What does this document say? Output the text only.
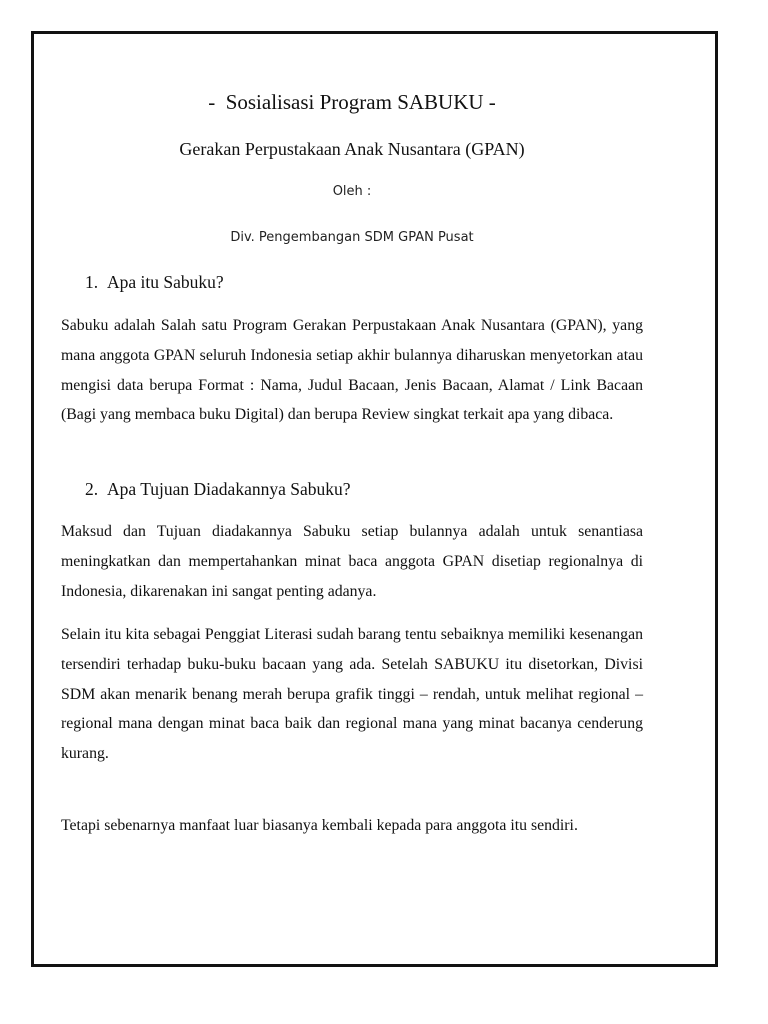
-  Sosialisasi Program SABUKU -
Gerakan Perpustakaan Anak Nusantara (GPAN)
Oleh :
Div. Pengembangan SDM GPAN Pusat
1. Apa itu Sabuku?

Sabuku adalah Salah satu Program Gerakan Perpustakaan Anak Nusantara (GPAN), yang mana anggota GPAN seluruh Indonesia setiap akhir bulannya diharuskan menyetorkan atau mengisi data berupa Format : Nama, Judul Bacaan, Jenis Bacaan, Alamat / Link Bacaan (Bagi yang membaca buku Digital) dan berupa Review singkat terkait apa yang dibaca.

2. Apa Tujuan Diadakannya Sabuku?

Maksud dan Tujuan diadakannya Sabuku setiap bulannya adalah untuk senantiasa meningkatkan dan mempertahankan minat baca anggota GPAN disetiap regionalnya di Indonesia, dikarenakan ini sangat penting adanya.

Selain itu kita sebagai Penggiat Literasi sudah barang tentu sebaiknya memiliki kesenangan tersendiri terhadap buku-buku bacaan yang ada. Setelah SABUKU itu disetorkan, Divisi SDM akan menarik benang merah berupa grafik tinggi – rendah, untuk melihat regional – regional mana dengan minat baca baik dan regional mana yang minat bacanya cenderung kurang.

Tetapi sebenarnya manfaat luar biasanya kembali kepada para anggota itu sendiri.
